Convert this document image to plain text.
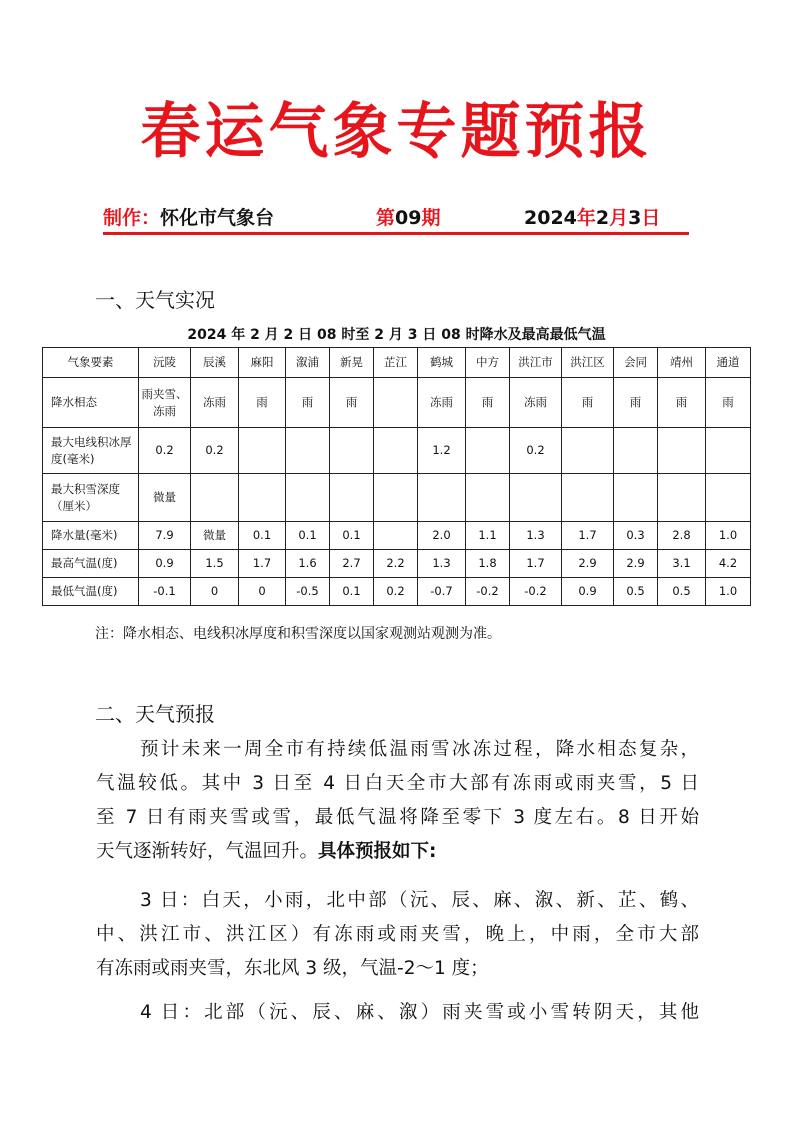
春运气象专题预报
制作：怀化市气象台	第09期	2024年2月3日
一、天气实况
2024 年 2 月 2 日 08 时至 2 月 3 日 08 时降水及最高最低气温
气象要素	沅陵	辰溪	麻阳	溆浦	新晃	芷江	鹤城	中方	洪江市	洪江区	会同	靖州	通道
降水相态	雨夹雪、冻雨	冻雨	雨	雨	雨		冻雨	雨	冻雨	雨	雨	雨	雨
最大电线积冰厚度(毫米)	0.2	0.2					1.2		0.2				
最大积雪深度（厘米）	微量												
降水量(毫米)	7.9	微量	0.1	0.1	0.1		2.0	1.1	1.3	1.7	0.3	2.8	1.0
最高气温(度)	0.9	1.5	1.7	1.6	2.7	2.2	1.3	1.8	1.7	2.9	2.9	3.1	4.2
最低气温(度)	-0.1	0	0	-0.5	0.1	0.2	-0.7	-0.2	-0.2	0.9	0.5	0.5	1.0
注：降水相态、电线积冰厚度和积雪深度以国家观测站观测为准。
二、天气预报
预计未来一周全市有持续低温雨雪冰冻过程，降水相态复杂，
气温较低。其中 3 日至 4 日白天全市大部有冻雨或雨夹雪，5 日
至 7 日有雨夹雪或雪，最低气温将降至零下 3 度左右。8 日开始
天气逐渐转好，气温回升。具体预报如下:
3 日：白天，小雨，北中部（沅、辰、麻、溆、新、芷、鹤、
中、洪江市、洪江区）有冻雨或雨夹雪，晚上，中雨，全市大部
有冻雨或雨夹雪，东北风 3 级，气温-2～1 度；
4 日：北部（沅、辰、麻、溆）雨夹雪或小雪转阴天，其他
